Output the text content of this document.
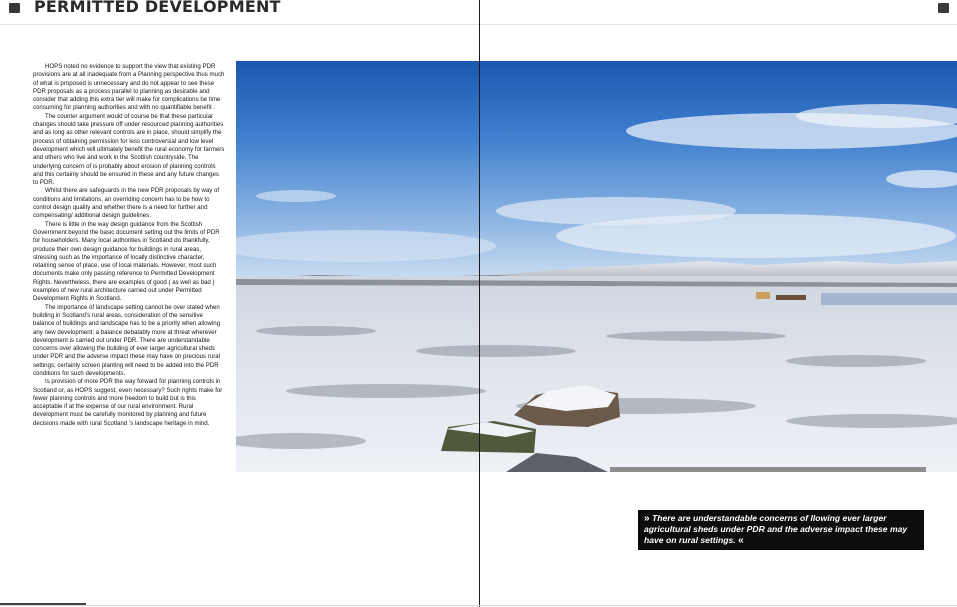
PERMITTED DEVELOPMENT

HOPS noted no evidence to support the view that existing PDR provisions are at all inadequate from a Planning perspective thus much of what is proposed is unnecessary and do not appear to see these PDR proposals as a process parallel to planning as desirable and consider that adding this extra tier will make for complications be time consuming for planning authorities and with no quantifiable benefit .

The counter argument would of course be that these particular changes should take pressure off under resourced planning authorities and as long as other relevant controls are in place, should simplify the process of obtaining permission for less controversial and low level development which will ultimately benefit the rural economy for farmers and others who live and work in the Scottish countryside. The underlying concern of is probably about erosion of planning controls and this certainly should be ensured in these and any future changes to PDR.

Whilst there are safeguards in the new PDR proposals by way of conditions and limitations, an overriding concern has to be how to control design quality and whether there is a need for further and compensating/ additional design guidelines.

There is little in the way design guidance from the Scottish Government beyond the basic document setting out the limits of PDR for householders. Many local authorities in Scotland do thankfully, produce their own design guidance for buildings in rural areas, stressing such as the importance of locally distinctive character, retaining sense of place, use of local materials. However, most such documents make only passing reference to Permitted Development Rights. Nevertheless, there are examples of good ( as well as bad ) examples of new rural architecture carried out under Permitted Development Rights in Scotland.

The importance of landscape setting cannot be over stated when building in Scotland’s rural areas, consideration of the sensitive balance of buildings and landscape has to be a priority when allowing any new development; a balance debatably more at threat wherever development is carried out under PDR. There are understandable concerns over allowing the building of ever larger agricultural sheds under PDR and the adverse impact these may have on precious rural settings; certainly screen planting will need to be added into the PDR conditions for such developments.

Is provision of more PDR the way forward for planning controls in Scotland or, as HOPS suggest, even necessary? Such rights make for fewer planning controls and more freedom to build but is this acceptable if at the expense of our rural environment. Rural development must be carefully monitored by planning and future decisions made with rural Scotland ’s landscape heritage in mind.

» There are understandable concerns of llowing ever larger agricultural sheds under PDR and the adverse impact these may have on rural settings. «
